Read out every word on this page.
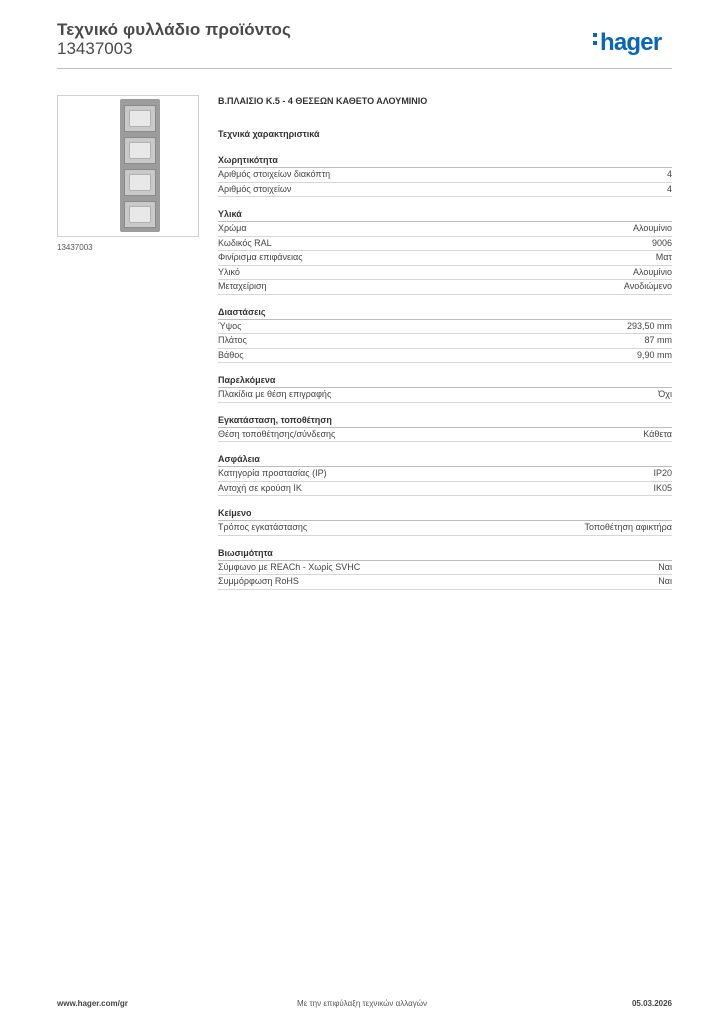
Τεχνικό φυλλάδιο προϊόντος
13437003	hager
13437003
Β.ΠΛΑΙΣΙΟ Κ.5 - 4 ΘΕΣΕΩΝ ΚΑΘΕΤΟ ΑΛΟΥΜΙΝΙΟ
Τεχνικά χαρακτηριστικά
Χωρητικότητα
Αριθμός στοιχείων διακόπτη	4
Αριθμός στοιχείων	4
Υλικά
Χρώμα	Αλουμίνιο
Κωδικός RAL	9006
Φινίρισμα επιφάνειας	Ματ
Υλικό	Αλουμίνιο
Μεταχείριση	Ανοδιώμενο
Διαστάσεις
Ύψος	293,50 mm
Πλάτος	87 mm
Βάθος	9,90 mm
Παρελκόμενα
Πλακίδια με θέση επιγραφής	Όχι
Εγκατάσταση, τοποθέτηση
Θέση τοποθέτησης/σύνδεσης	Κάθετα
Ασφάλεια
Κατηγορία προστασίας (IP)	IP20
Αντοχή σε κρούση IK	IK05
Κείμενο
Τρόπος εγκατάστασης	Τοποθέτηση αφικτήρα
Βιωσιμότητα
Σύμφωνο με REACh - Χωρίς SVHC	Ναι
Συμμόρφωση RoHS	Ναι
www.hager.com/gr	Με την επιφύλαξη τεχνικών αλλαγών	05.03.2026
